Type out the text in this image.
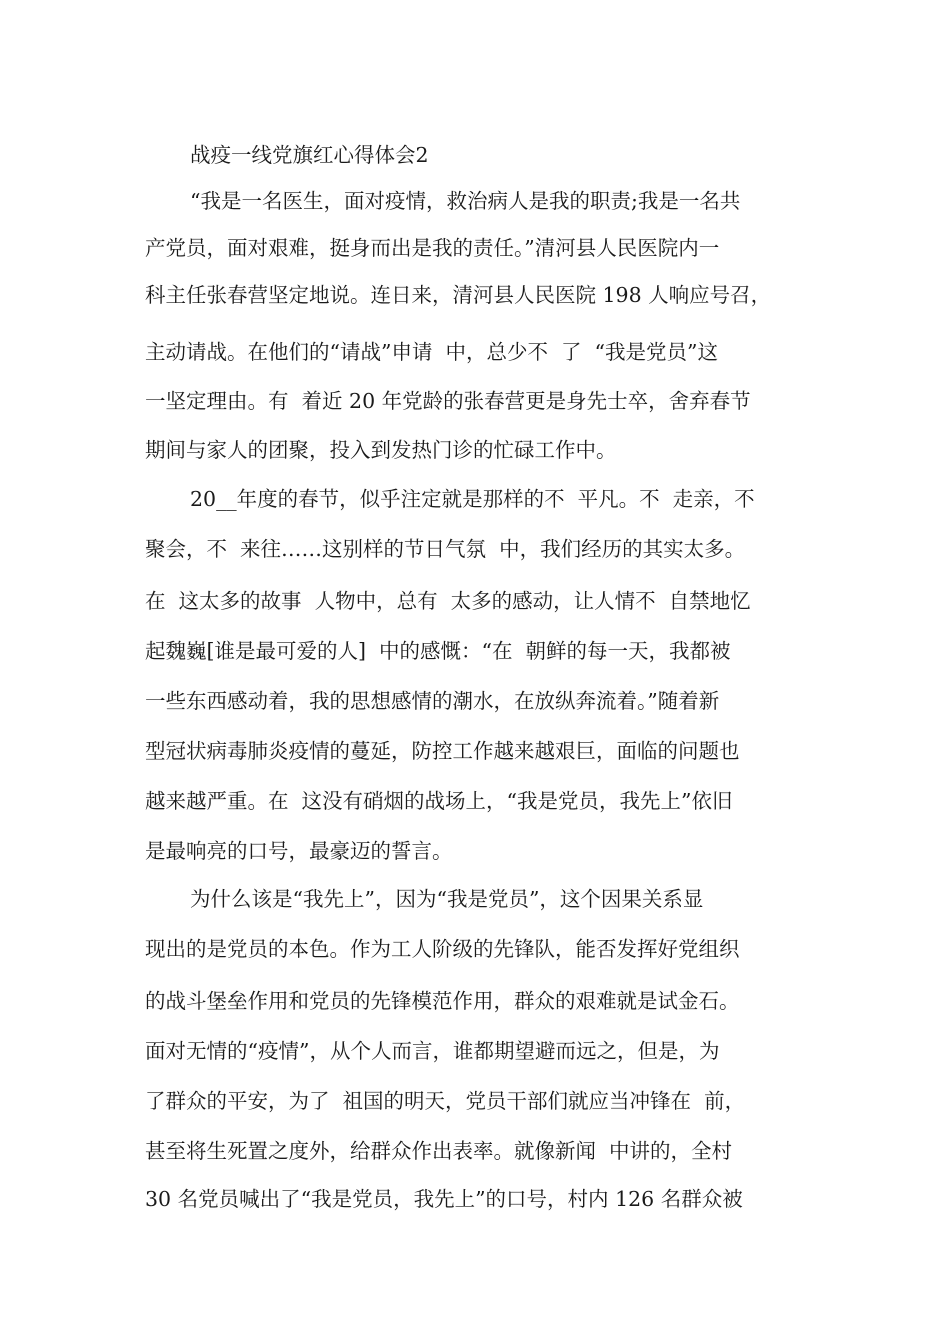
战疫一线党旗红心得体会2

“我是一名医生，面对疫情，救治病人是我的职责;我是一名共

产党员，面对艰难，挺身而出是我的责任。”清河县人民医院内一

科主任张春营坚定地说。连日来，清河县人民医院 198 人响应号召，

主动请战。在他们的“请战”申请  中，总少不  了  “我是党员”这

一坚定理由。有  着近 20 年党龄的张春营更是身先士卒，舍弃春节

期间与家人的团聚，投入到发热门诊的忙碌工作中。

20__年度的春节，似乎注定就是那样的不  平凡。不  走亲，不

聚会，不  来往……这别样的节日气氛  中，我们经历的其实太多。

在  这太多的故事  人物中，总有  太多的感动，让人情不  自禁地忆

起魏巍[谁是最可爱的人]  中的感慨：“在  朝鲜的每一天，我都被

一些东西感动着，我的思想感情的潮水，在放纵奔流着。”随着新

型冠状病毒肺炎疫情的蔓延，防控工作越来越艰巨，面临的问题也

越来越严重。在  这没有硝烟的战场上，“我是党员，我先上”依旧

是最响亮的口号，最豪迈的誓言。

为什么该是“我先上”，因为“我是党员”，这个因果关系显

现出的是党员的本色。作为工人阶级的先锋队，能否发挥好党组织

的战斗堡垒作用和党员的先锋模范作用，群众的艰难就是试金石。

面对无情的“疫情”，从个人而言，谁都期望避而远之，但是，为

了群众的平安，为了  祖国的明天，党员干部们就应当冲锋在  前，

甚至将生死置之度外，给群众作出表率。就像新闻  中讲的，全村

30 名党员喊出了“我是党员，我先上”的口号，村内 126 名群众被
